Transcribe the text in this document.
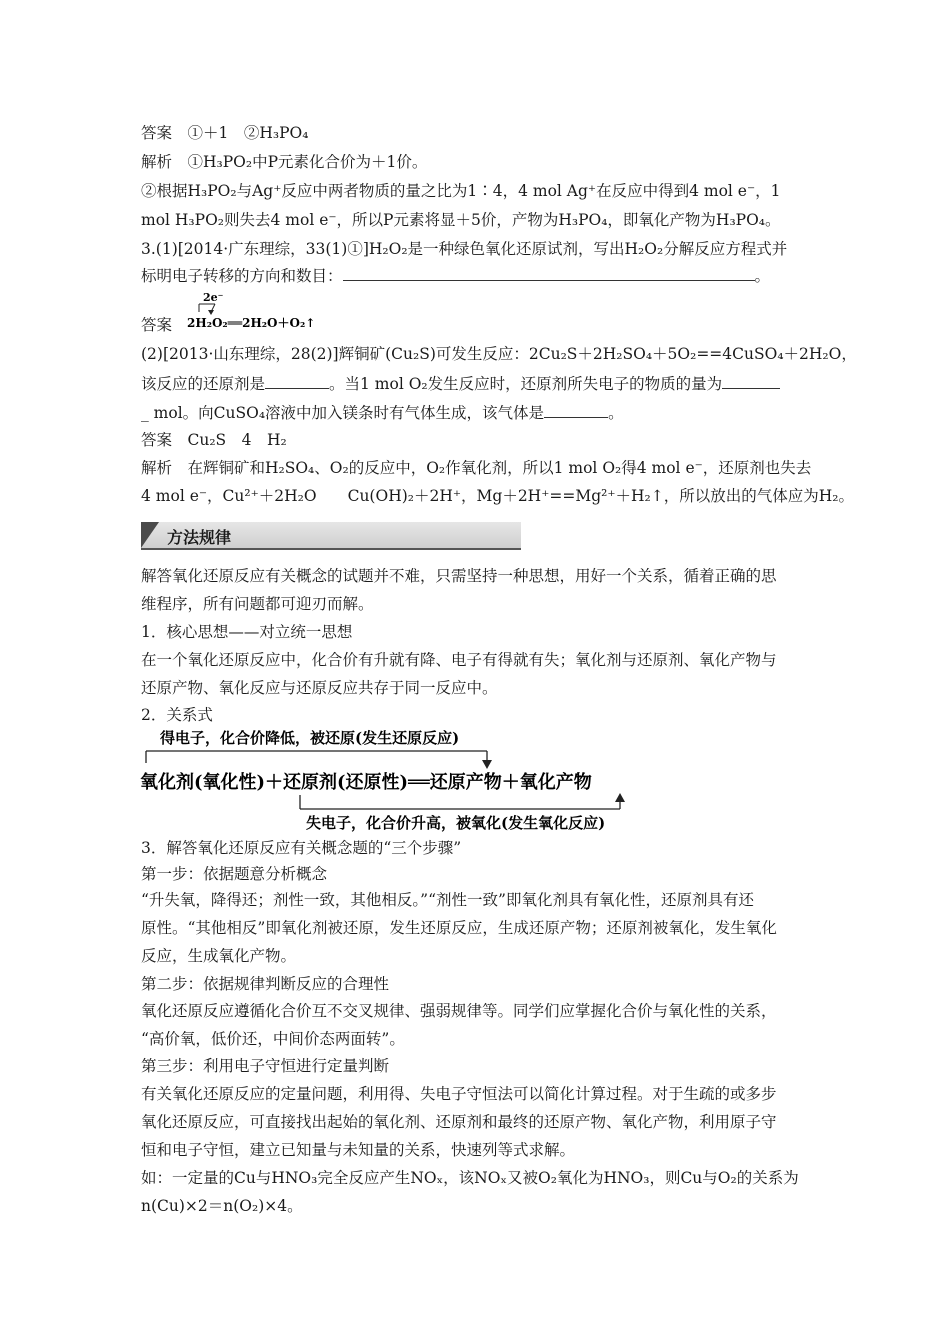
答案　①＋1　②H₃PO₄
解析　①H₃PO₂中P元素化合价为＋1价。
②根据H₃PO₂与Ag⁺反应中两者物质的量之比为1∶4，4 mol Ag⁺在反应中得到4 mol e⁻，1
mol H₃PO₂则失去4 mol e⁻，所以P元素将显＋5价，产物为H₃PO₄，即氧化产物为H₃PO₄。
3.(1)[2014·广东理综，33(1)①]H₂O₂是一种绿色氧化还原试剂，写出H₂O₂分解反应方程式并
标明电子转移的方向和数目：	。
答案
2e⁻
2H₂O₂══2H₂O＋O₂↑
(2)[2013·山东理综，28(2)]辉铜矿(Cu₂S)可发生反应：2Cu₂S＋2H₂SO₄＋5O₂==4CuSO₄＋2H₂O，
该反应的还原剂是	。当1 mol O₂发生反应时，还原剂所失电子的物质的量为
_ mol。向CuSO₄溶液中加入镁条时有气体生成，该气体是	。
答案　Cu₂S　4　H₂
解析　在辉铜矿和H₂SO₄、O₂的反应中，O₂作氧化剂，所以1 mol O₂得4 mol e⁻，还原剂也失去
4 mol e⁻，Cu²⁺＋2H₂O　　Cu(OH)₂＋2H⁺，Mg＋2H⁺==Mg²⁺＋H₂↑，所以放出的气体应为H₂。
方法规律
解答氧化还原反应有关概念的试题并不难，只需坚持一种思想，用好一个关系，循着正确的思
维程序，所有问题都可迎刃而解。
1．核心思想——对立统一思想
在一个氧化还原反应中，化合价有升就有降、电子有得就有失；氧化剂与还原剂、氧化产物与
还原产物、氧化反应与还原反应共存于同一反应中。
2．关系式
得电子，化合价降低，被还原(发生还原反应)
氧化剂(氧化性)＋还原剂(还原性)══还原产物＋氧化产物
失电子，化合价升高，被氧化(发生氧化反应)
3．解答氧化还原反应有关概念题的“三个步骤”
第一步：依据题意分析概念
“升失氧，降得还；剂性一致，其他相反。”“剂性一致”即氧化剂具有氧化性，还原剂具有还
原性。“其他相反”即氧化剂被还原，发生还原反应，生成还原产物；还原剂被氧化，发生氧化
反应，生成氧化产物。
第二步：依据规律判断反应的合理性
氧化还原反应遵循化合价互不交叉规律、强弱规律等。同学们应掌握化合价与氧化性的关系，
“高价氧，低价还，中间价态两面转”。
第三步：利用电子守恒进行定量判断
有关氧化还原反应的定量问题，利用得、失电子守恒法可以简化计算过程。对于生疏的或多步
氧化还原反应，可直接找出起始的氧化剂、还原剂和最终的还原产物、氧化产物，利用原子守
恒和电子守恒，建立已知量与未知量的关系，快速列等式求解。
如：一定量的Cu与HNO₃完全反应产生NOₓ，该NOₓ又被O₂氧化为HNO₃，则Cu与O₂的关系为
n(Cu)×2＝n(O₂)×4。
